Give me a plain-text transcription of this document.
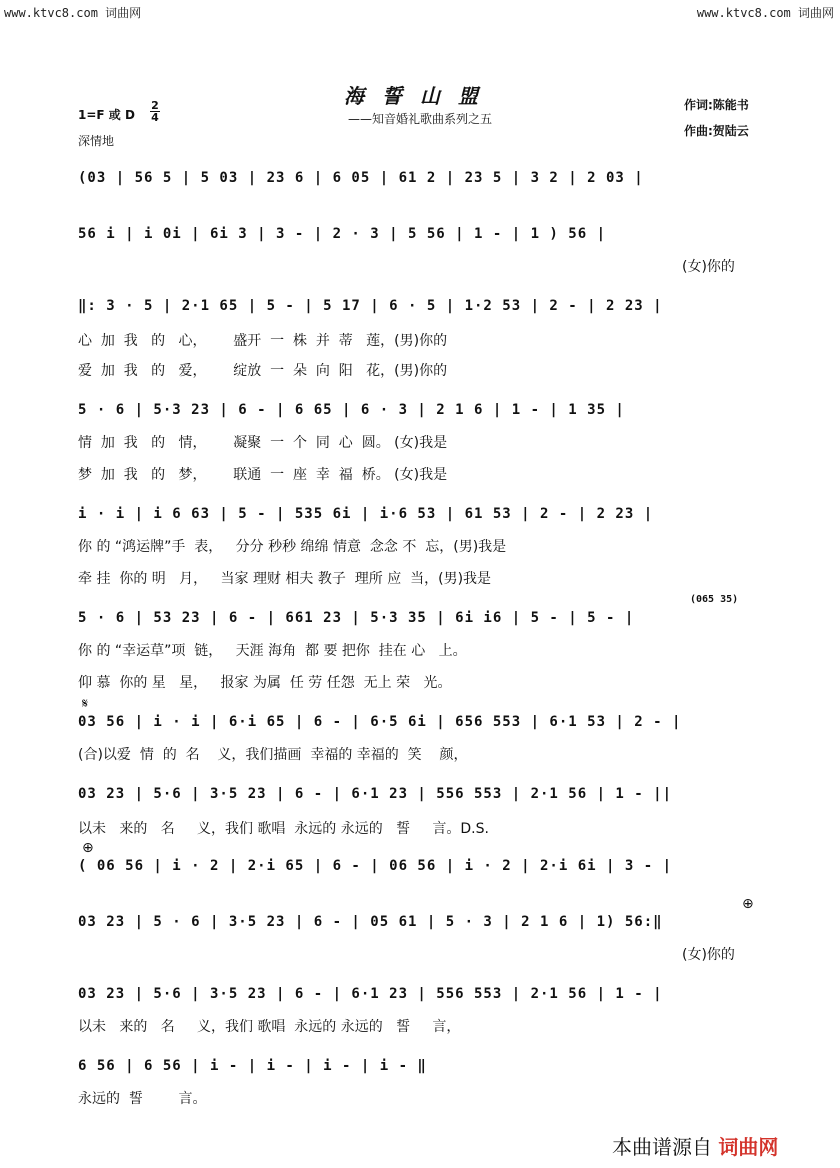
www.ktvc8.com 词曲网	www.ktvc8.com 词曲网
海誓山盟
——知音婚礼歌曲系列之五
作词:陈能书
作曲:贺陆云
1=F 或 D
2
4
深情地
(03 | 56 5 | 5 03 | 23 6 | 6 05 | 61 2 | 23 5 | 3 2 | 2 03 |
56 i | i 0i | 6i 3 | 3 - | 2 · 3 | 5 56 | 1 - | 1 ) 56 |
(女)你的
‖: 3 · 5 | 2·1 65 | 5 - | 5 17 | 6 · 5 | 1·2 53 | 2 - | 2 23 |
心  加  我   的   心，      盛开  一  株  并  蒂   莲，(男)你的
爱  加  我   的   爱，      绽放  一  朵  向  阳   花，(男)你的
5 · 6 | 5·3 23 | 6 - | 6 65 | 6 · 3 | 2 1 6 | 1 - | 1 35 |
情  加  我   的   情，      凝聚  一  个  同  心  圆。 (女)我是
梦  加  我   的   梦，      联通  一  座  幸  福  桥。 (女)我是
i · i | i 6 63 | 5 - | 535 6i | i·6 53 | 61 53 | 2 - | 2 23 |
你 的 “鸿运牌”手  表，   分分 秒秒 绵绵 情意  念念 不  忘，(男)我是
牵 挂  你的 明   月，   当家 理财 相夫 教子  理所 应  当，(男)我是
(065 35)
5 · 6 | 53 23 | 6 - | 661 23 | 5·3 35 | 6i i6 | 5 - | 5 - |
你 的 “幸运草”项  链，   天涯 海角  都 要 把你  挂在 心   上。
仰 慕  你的 星   星，   报家 为属  任 劳 任怨  无上 荣   光。
𝄋
03 56 | i · i | 6·i 65 | 6 - | 6·5 6i | 656 553 | 6·1 53 | 2 - |
(合)以爱  情  的  名    义，我们描画  幸福的 幸福的  笑    颜，
03 23 | 5·6 | 3·5 23 | 6 - | 6·1 23 | 556 553 | 2·1 56 | 1 - ||
以未   来的   名     义，我们 歌唱  永远的 永远的   誓     言。D.S.
⊕
( 06 56 | i · 2 | 2·i 65 | 6 - | 06 56 | i · 2 | 2·i 6i | 3 - |
⊕
03 23 | 5 · 6 | 3·5 23 | 6 - | 05 61 | 5 · 3 | 2 1 6 | 1) 56:‖
(女)你的
03 23 | 5·6 | 3·5 23 | 6 - | 6·1 23 | 556 553 | 2·1 56 | 1 - |
以未   来的   名     义，我们 歌唱  永远的 永远的   誓     言，
6 56 | 6 56 | i - | i - | i - | i - ‖
永远的  誓        言。
本曲谱源自 词曲网
